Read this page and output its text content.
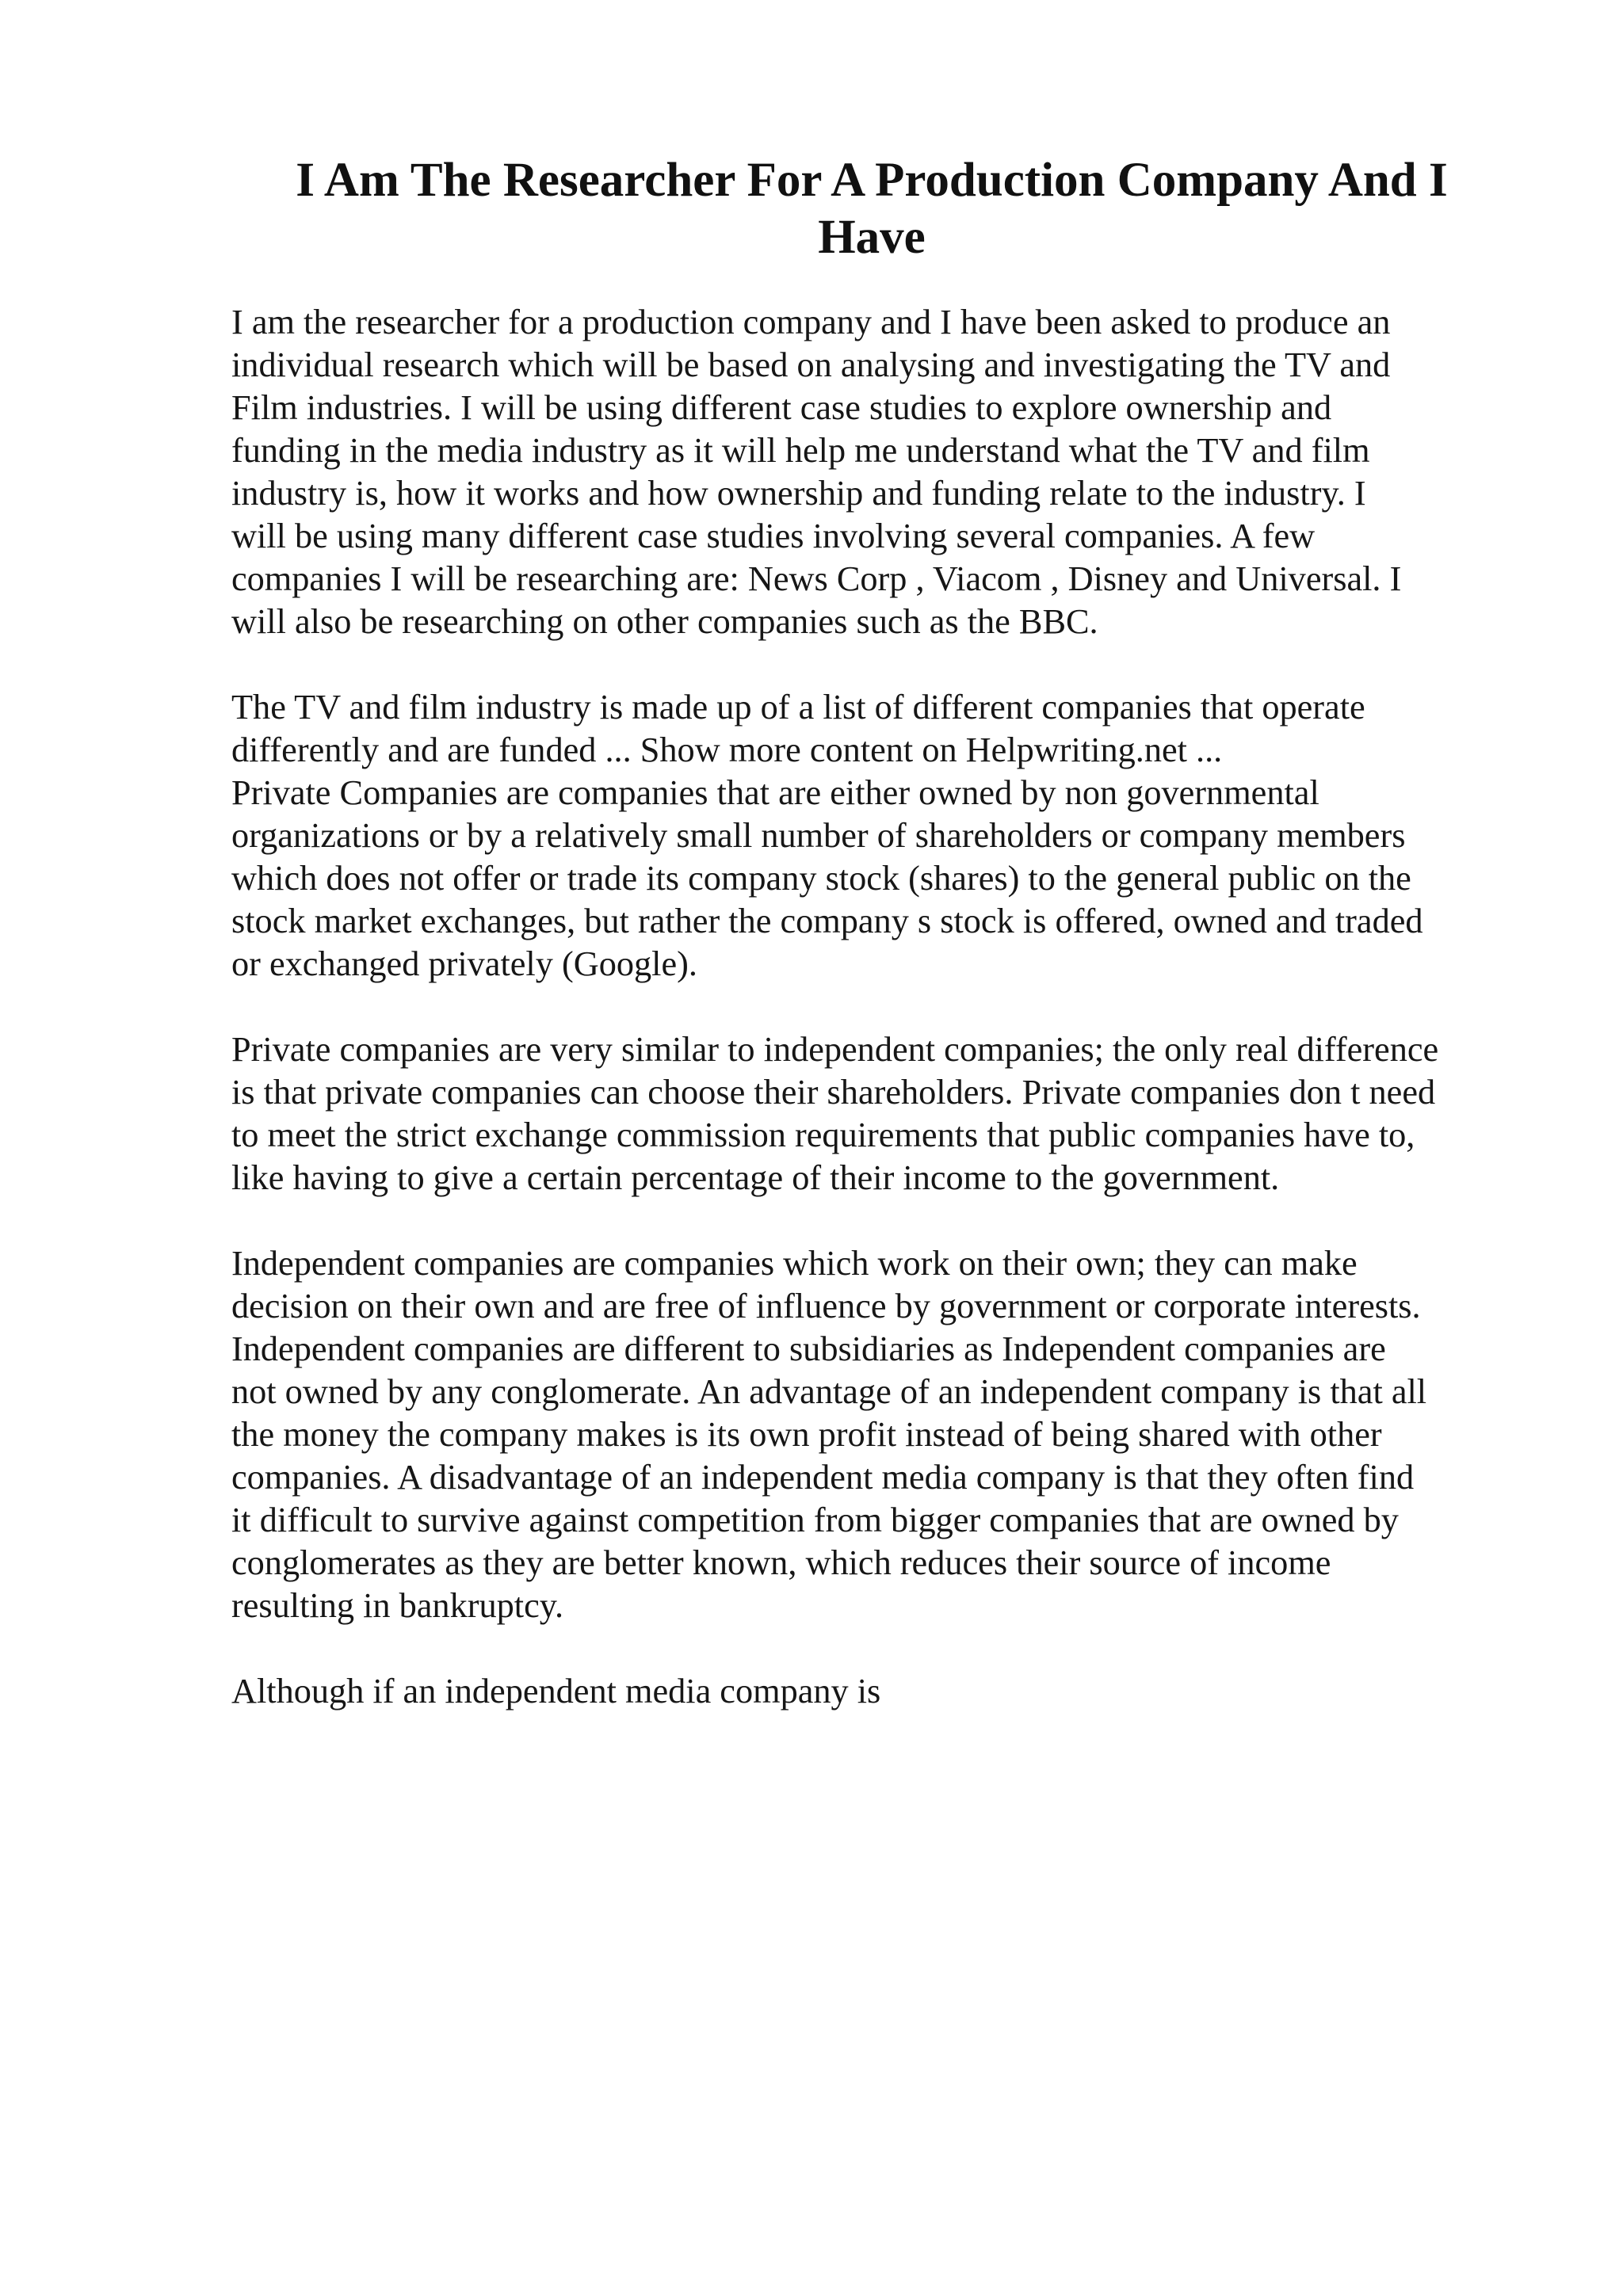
I Am The Researcher For A Production Company And I Have

I am the researcher for a production company and I have been asked to produce an
individual research which will be based on analysing and investigating the TV and
Film industries. I will be using different case studies to explore ownership and
funding in the media industry as it will help me understand what the TV and film
industry is, how it works and how ownership and funding relate to the industry. I
will be using many different case studies involving several companies. A few
companies I will be researching are: News Corp , Viacom , Disney and Universal. I
will also be researching on other companies such as the BBC.

The TV and film industry is made up of a list of different companies that operate
differently and are funded ... Show more content on Helpwriting.net ...

Private Companies are companies that are either owned by non governmental
organizations or by a relatively small number of shareholders or company members
which does not offer or trade its company stock (shares) to the general public on the
stock market exchanges, but rather the company s stock is offered, owned and traded
or exchanged privately (Google).

Private companies are very similar to independent companies; the only real difference
is that private companies can choose their shareholders. Private companies don t need
to meet the strict exchange commission requirements that public companies have to,
like having to give a certain percentage of their income to the government.

Independent companies are companies which work on their own; they can make
decision on their own and are free of influence by government or corporate interests.
Independent companies are different to subsidiaries as Independent companies are
not owned by any conglomerate. An advantage of an independent company is that all
the money the company makes is its own profit instead of being shared with other
companies. A disadvantage of an independent media company is that they often find
it difficult to survive against competition from bigger companies that are owned by
conglomerates as they are better known, which reduces their source of income
resulting in bankruptcy.

Although if an independent media company is
